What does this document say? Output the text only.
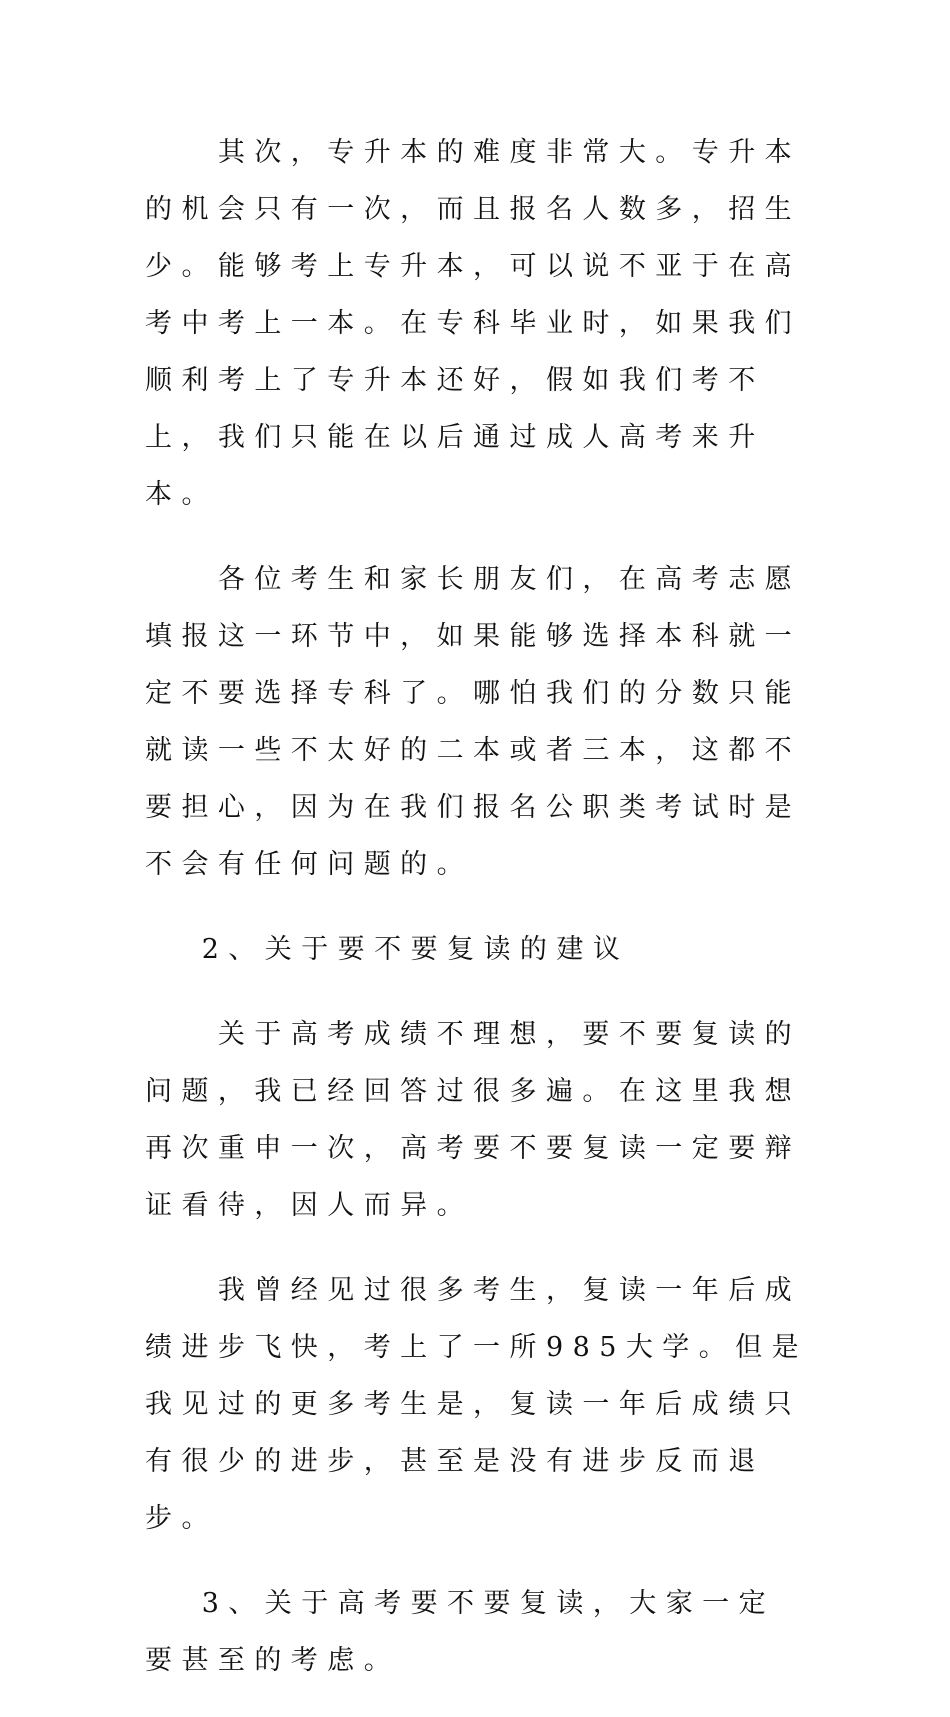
其次，专升本的难度非常大。专升本的机会只有一次，而且报名人数多，招生少。能够考上专升本，可以说不亚于在高考中考上一本。在专科毕业时，如果我们顺利考上了专升本还好，假如我们考不上，我们只能在以后通过成人高考来升本。

各位考生和家长朋友们，在高考志愿填报这一环节中，如果能够选择本科就一定不要选择专科了。哪怕我们的分数只能就读一些不太好的二本或者三本，这都不要担心，因为在我们报名公职类考试时是不会有任何问题的。

2、关于要不要复读的建议

关于高考成绩不理想，要不要复读的问题，我已经回答过很多遍。在这里我想再次重申一次，高考要不要复读一定要辩证看待，因人而异。

我曾经见过很多考生，复读一年后成绩进步飞快，考上了一所985大学。但是我见过的更多考生是，复读一年后成绩只有很少的进步，甚至是没有进步反而退步。

3、关于高考要不要复读，大家一定要甚至的考虑。
